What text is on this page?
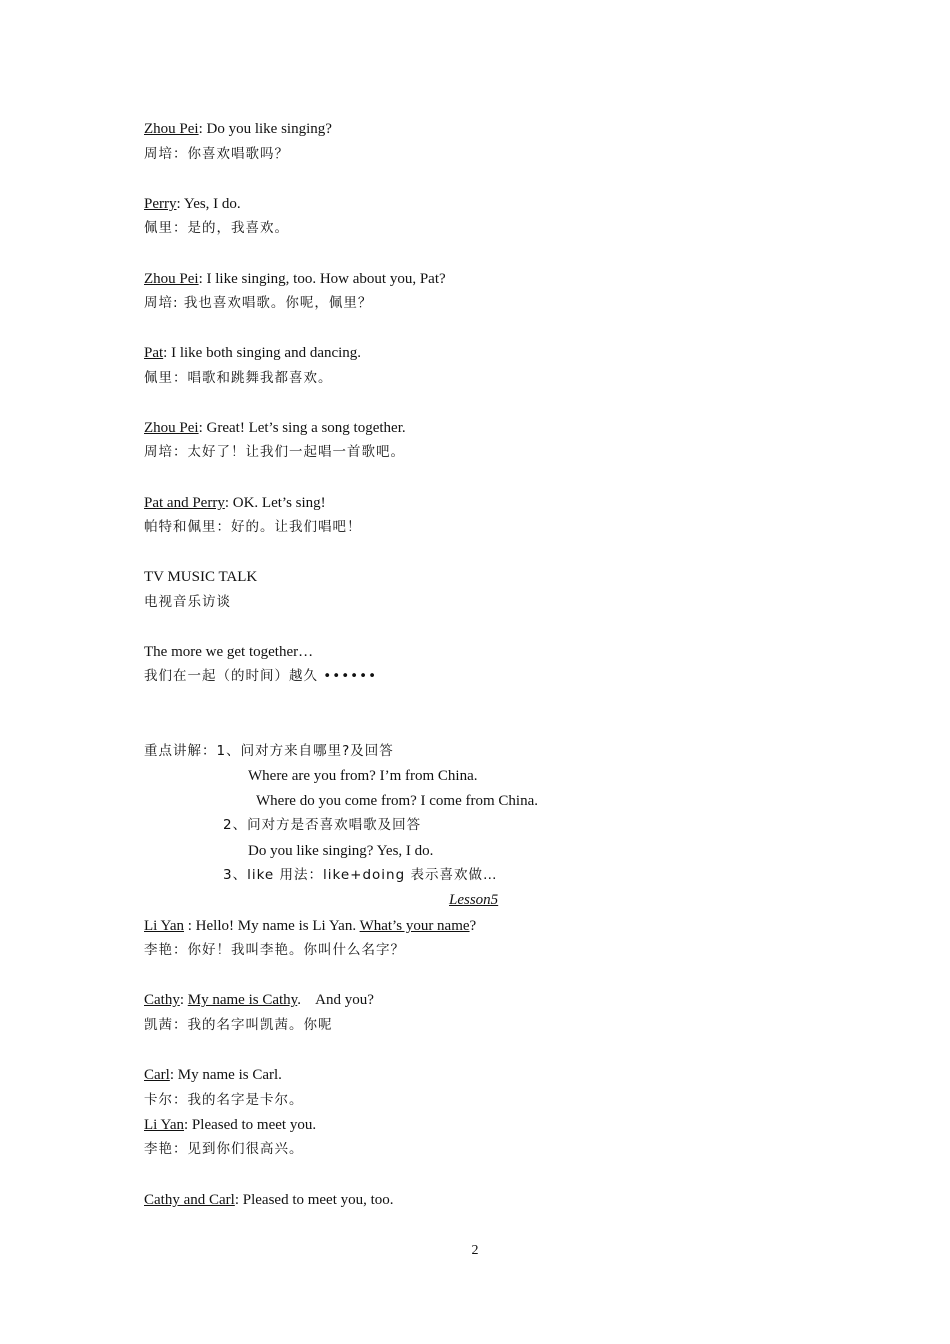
Zhou Pei: Do you like singing?
周培：你喜欢唱歌吗？
Perry: Yes, I do.
佩里：是的，我喜欢。
Zhou Pei: I like singing, too. How about you, Pat?
周培: 我也喜欢唱歌。你呢，佩里？
Pat: I like both singing and dancing.
佩里：唱歌和跳舞我都喜欢。
Zhou Pei: Great! Let’s sing a song together.
周培：太好了！让我们一起唱一首歌吧。
Pat and Perry: OK. Let’s sing!
帕特和佩里：好的。让我们唱吧！
TV MUSIC TALK
电视音乐访谈
The more we get together…
我们在一起（的时间）越久 ••••••
重点讲解：1、问对方来自哪里?及回答
Where are you from? I’m from China.
Where do you come from? I come from China.
2、问对方是否喜欢唱歌及回答
Do you like singing? Yes, I do.
3、like 用法：like+doing 表示喜欢做…
Lesson5
Li Yan : Hello! My name is Li Yan. What’s your name?
李艳：你好！我叫李艳。你叫什么名字？
Cathy: My name is Cathy.    And you?
凯茜：我的名字叫凯茜。你呢
Carl: My name is Carl.
卡尔：我的名字是卡尔。
Li Yan: Pleased to meet you.
李艳：见到你们很高兴。
Cathy and Carl: Pleased to meet you, too.
2
